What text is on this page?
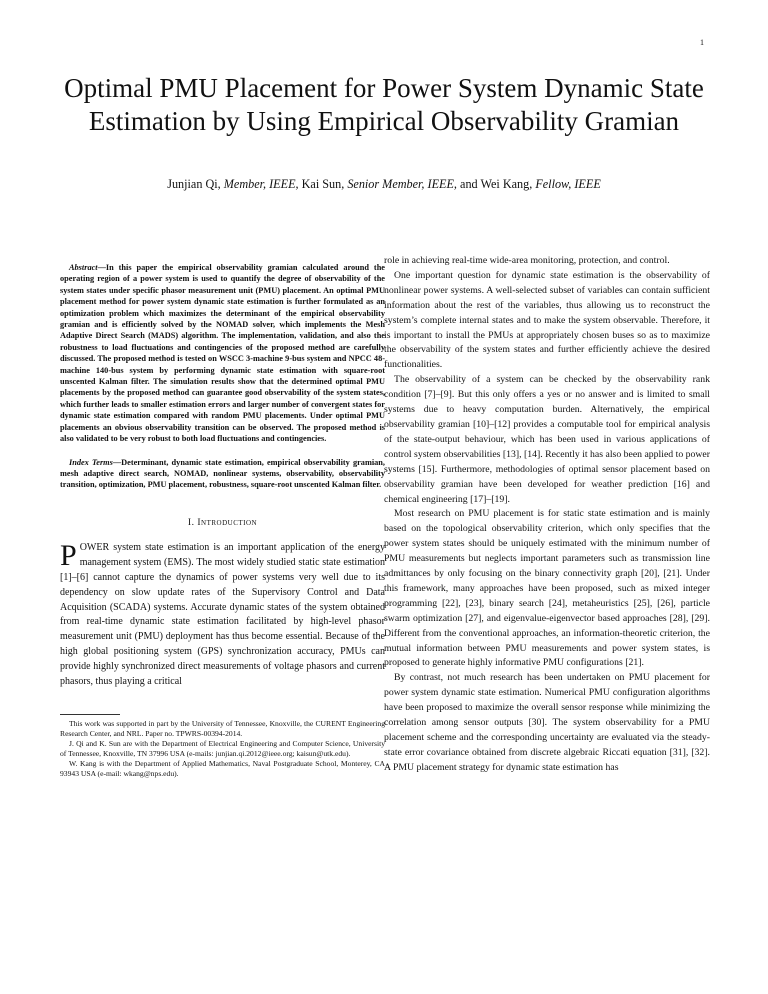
1
Optimal PMU Placement for Power System Dynamic State Estimation by Using Empirical Observability Gramian
Junjian Qi, Member, IEEE, Kai Sun, Senior Member, IEEE, and Wei Kang, Fellow, IEEE

Abstract—In this paper the empirical observability gramian calculated around the operating region of a power system is used to quantify the degree of observability of the system states under specific phasor measurement unit (PMU) placement. An optimal PMU placement method for power system dynamic state estimation is further formulated as an optimization problem which maximizes the determinant of the empirical observability gramian and is efficiently solved by the NOMAD solver, which implements the Mesh Adaptive Direct Search (MADS) algorithm. The implementation, validation, and also the robustness to load fluctuations and contingencies of the proposed method are carefully discussed. The proposed method is tested on WSCC 3-machine 9-bus system and NPCC 48-machine 140-bus system by performing dynamic state estimation with square-root unscented Kalman filter. The simulation results show that the determined optimal PMU placements by the proposed method can guarantee good observability of the system states, which further leads to smaller estimation errors and larger number of convergent states for dynamic state estimation compared with random PMU placements. Under optimal PMU placements an obvious observability transition can be observed. The proposed method is also validated to be very robust to both load fluctuations and contingencies.

Index Terms—Determinant, dynamic state estimation, empirical observability gramian, mesh adaptive direct search, NOMAD, nonlinear systems, observability, observability transition, optimization, PMU placement, robustness, square-root unscented Kalman filter.

I. Introduction

POWER system state estimation is an important application of the energy management system (EMS). The most widely studied static state estimation [1]–[6] cannot capture the dynamics of power systems very well due to its dependency on slow update rates of the Supervisory Control and Data Acquisition (SCADA) systems. Accurate dynamic states of the system obtained from real-time dynamic state estimation facilitated by high-level phasor measurement unit (PMU) deployment has thus become essential. Because of the high global positioning system (GPS) synchronization accuracy, PMUs can provide highly synchronized direct measurements of voltage phasors and current phasors, thus playing a critical

This work was supported in part by the University of Tennessee, Knoxville, the CURENT Engineering Research Center, and NRL. Paper no. TPWRS-00394-2014.

J. Qi and K. Sun are with the Department of Electrical Engineering and Computer Science, University of Tennessee, Knoxville, TN 37996 USA (e-mails: junjian.qi.2012@ieee.org; kaisun@utk.edu).

W. Kang is with the Department of Applied Mathematics, Naval Postgraduate School, Monterey, CA 93943 USA (e-mail: wkang@nps.edu).

role in achieving real-time wide-area monitoring, protection, and control.

One important question for dynamic state estimation is the observability of nonlinear power systems. A well-selected subset of variables can contain sufficient information about the rest of the variables, thus allowing us to reconstruct the system’s complete internal states and to make the system observable. Therefore, it is important to install the PMUs at appropriately chosen buses so as to maximize the observability of the system states and further efficiently achieve the desired functionalities.

The observability of a system can be checked by the observability rank condition [7]–[9]. But this only offers a yes or no answer and is limited to small systems due to heavy computation burden. Alternatively, the empirical observability gramian [10]–[12] provides a computable tool for empirical analysis of the state-output behaviour, which has been used in various applications of control system observabilities [13], [14]. Recently it has also been applied to power systems [15]. Furthermore, methodologies of optimal sensor placement based on observability gramian have been developed for weather prediction [16] and chemical engineering [17]–[19].

Most research on PMU placement is for static state estimation and is mainly based on the topological observability criterion, which only specifies that the power system states should be uniquely estimated with the minimum number of PMU measurements but neglects important parameters such as transmission line admittances by only focusing on the binary connectivity graph [20], [21]. Under this framework, many approaches have been proposed, such as mixed integer programming [22], [23], binary search [24], metaheuristics [25], [26], particle swarm optimization [27], and eigenvalue-eigenvector based approaches [28], [29]. Different from the conventional approaches, an information-theoretic criterion, the mutual information between PMU measurements and power system states, is proposed to generate highly informative PMU configurations [21].

By contrast, not much research has been undertaken on PMU placement for power system dynamic state estimation. Numerical PMU configuration algorithms have been proposed to maximize the overall sensor response while minimizing the correlation among sensor outputs [30]. The system observability for a PMU placement scheme and the corresponding uncertainty are evaluated via the steady-state error covariance obtained from discrete algebraic Riccati equation [31], [32]. A PMU placement strategy for dynamic state estimation has
